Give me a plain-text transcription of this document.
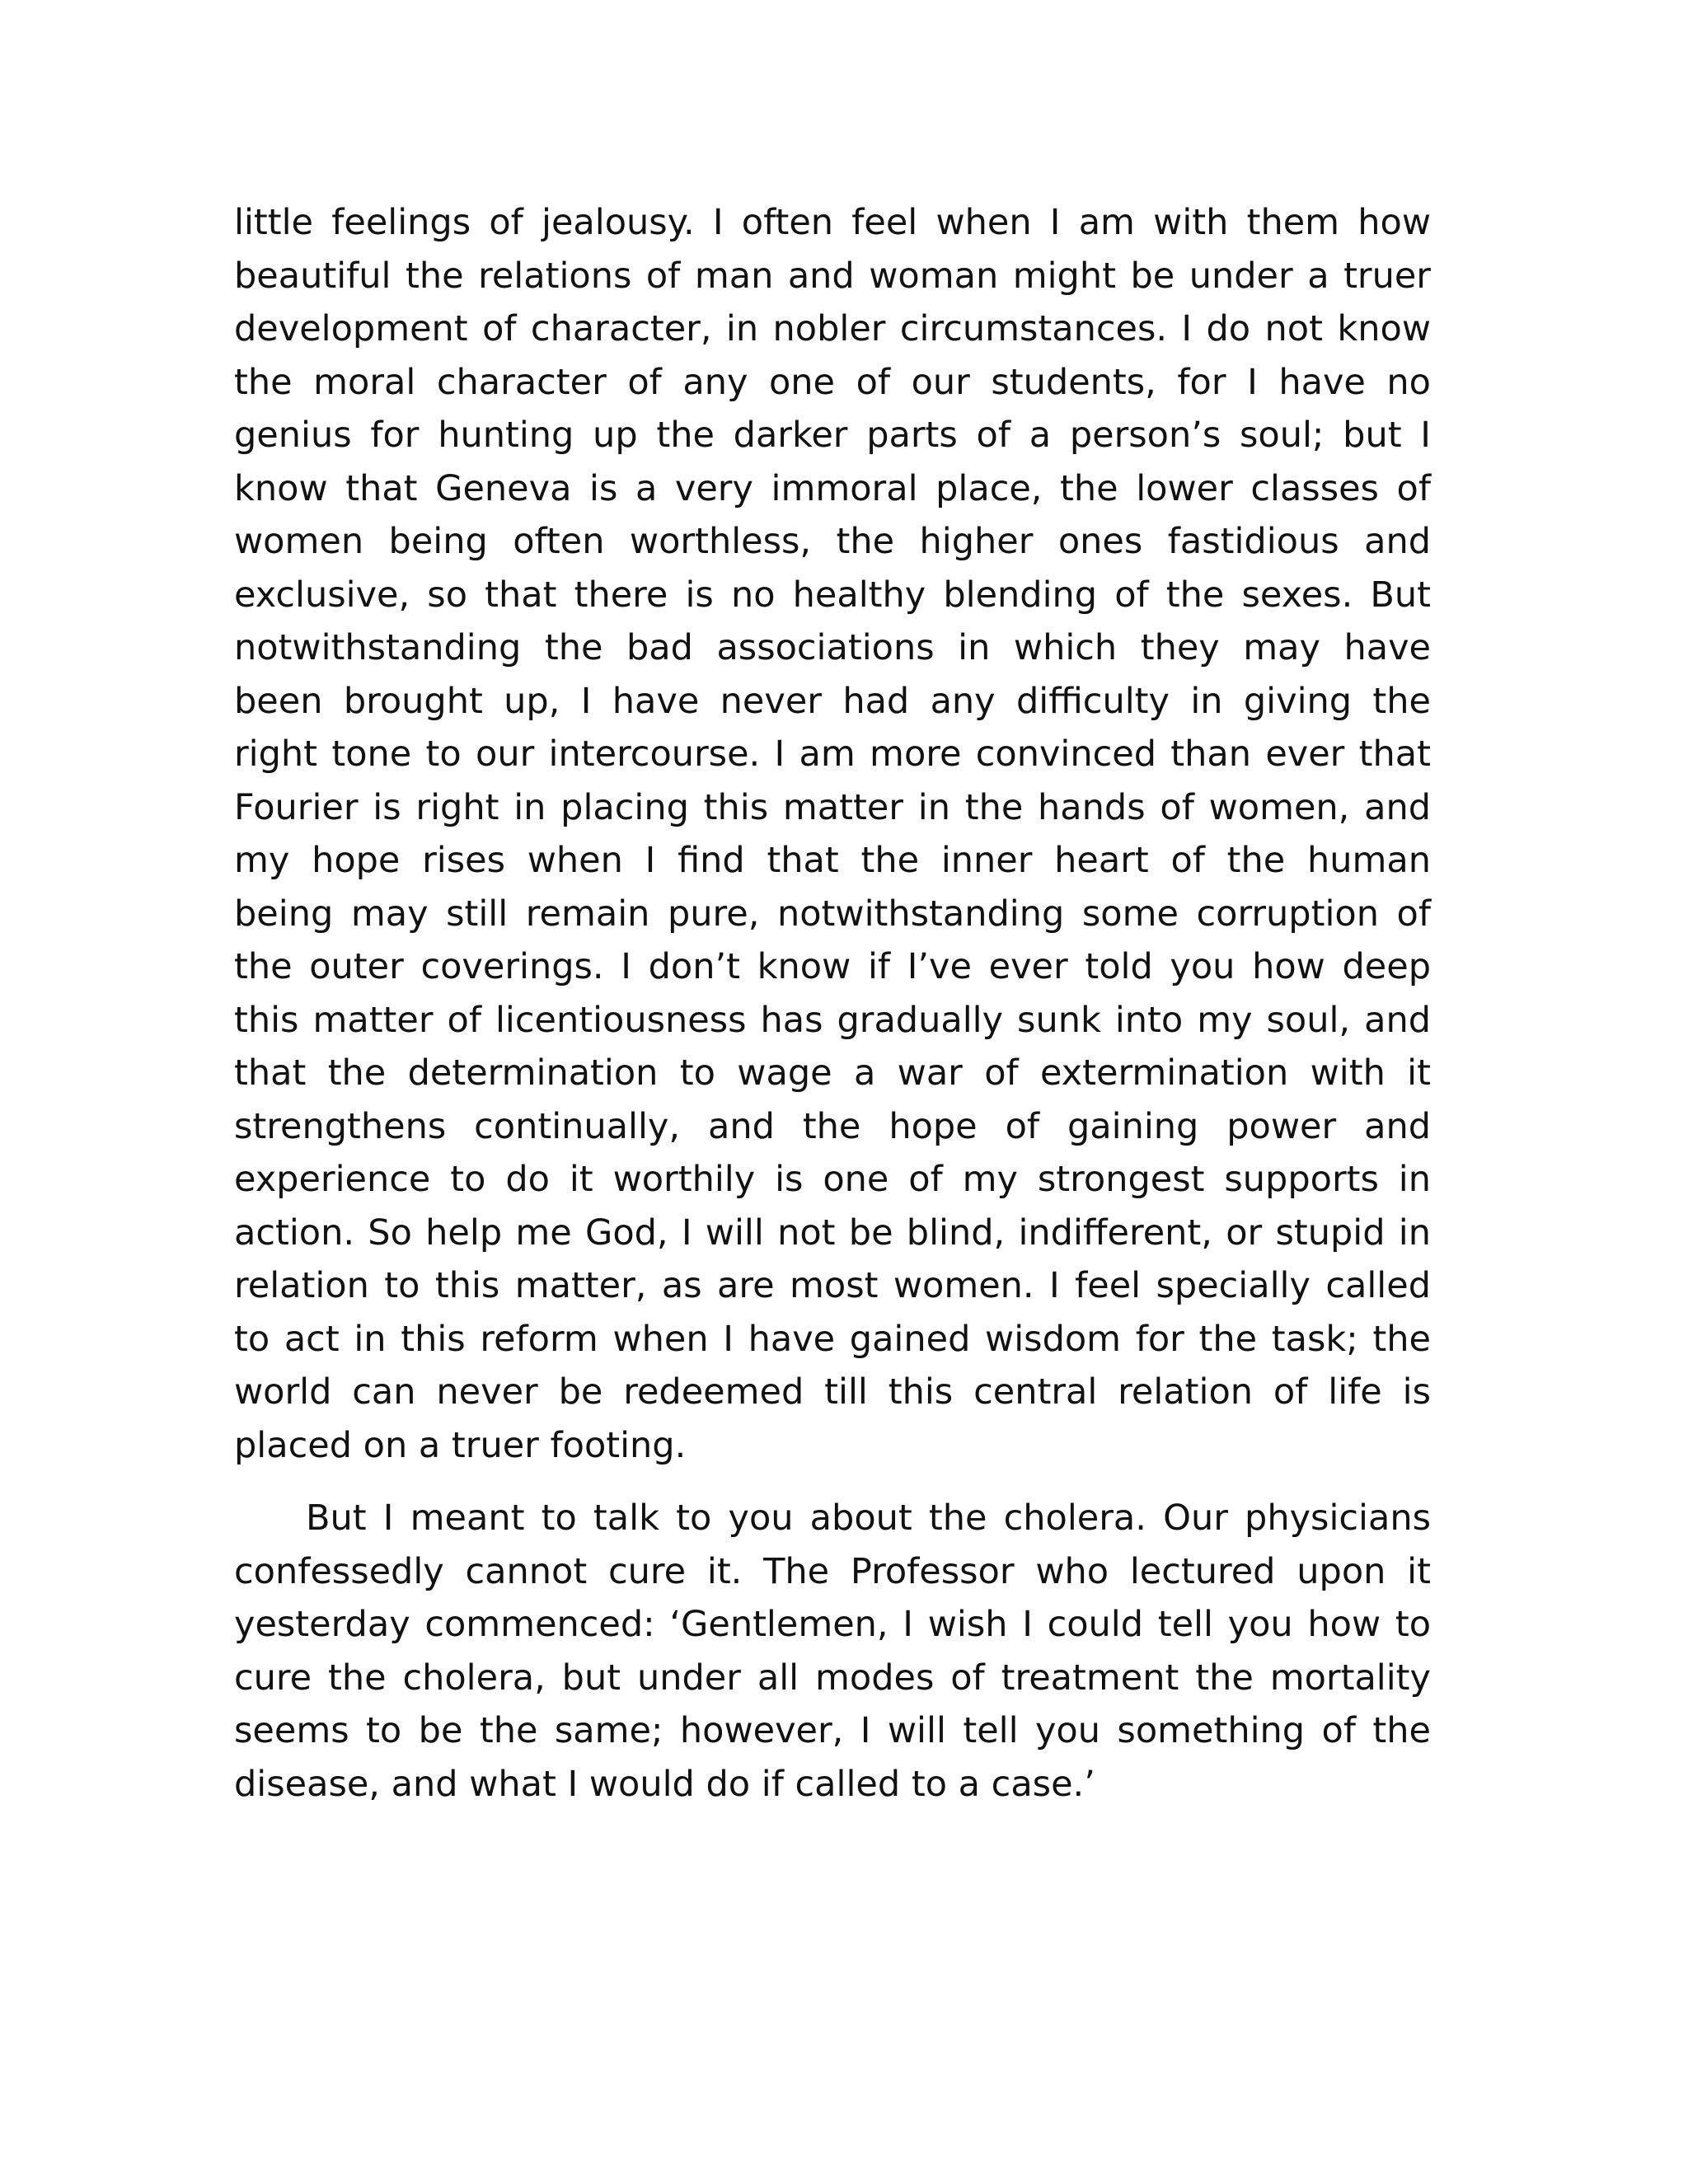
little feelings of jealousy. I often feel when I am with them how
beautiful the relations of man and woman might be under a truer
development of character, in nobler circumstances. I do not know
the moral character of any one of our students, for I have no
genius for hunting up the darker parts of a person’s soul; but I
know that Geneva is a very immoral place, the lower classes of
women being often worthless, the higher ones fastidious and
exclusive, so that there is no healthy blending of the sexes. But
notwithstanding the bad associations in which they may have
been brought up, I have never had any difficulty in giving the
right tone to our intercourse. I am more convinced than ever that
Fourier is right in placing this matter in the hands of women, and
my hope rises when I find that the inner heart of the human
being may still remain pure, notwithstanding some corruption of
the outer coverings. I don’t know if I’ve ever told you how deep
this matter of licentiousness has gradually sunk into my soul, and
that the determination to wage a war of extermination with it
strengthens continually, and the hope of gaining power and
experience to do it worthily is one of my strongest supports in
action. So help me God, I will not be blind, indifferent, or stupid in
relation to this matter, as are most women. I feel specially called
to act in this reform when I have gained wisdom for the task; the
world can never be redeemed till this central relation of life is
placed on a truer footing.
But I meant to talk to you about the cholera. Our physicians
confessedly cannot cure it. The Professor who lectured upon it
yesterday commenced: ‘Gentlemen, I wish I could tell you how to
cure the cholera, but under all modes of treatment the mortality
seems to be the same; however, I will tell you something of the
disease, and what I would do if called to a case.’
